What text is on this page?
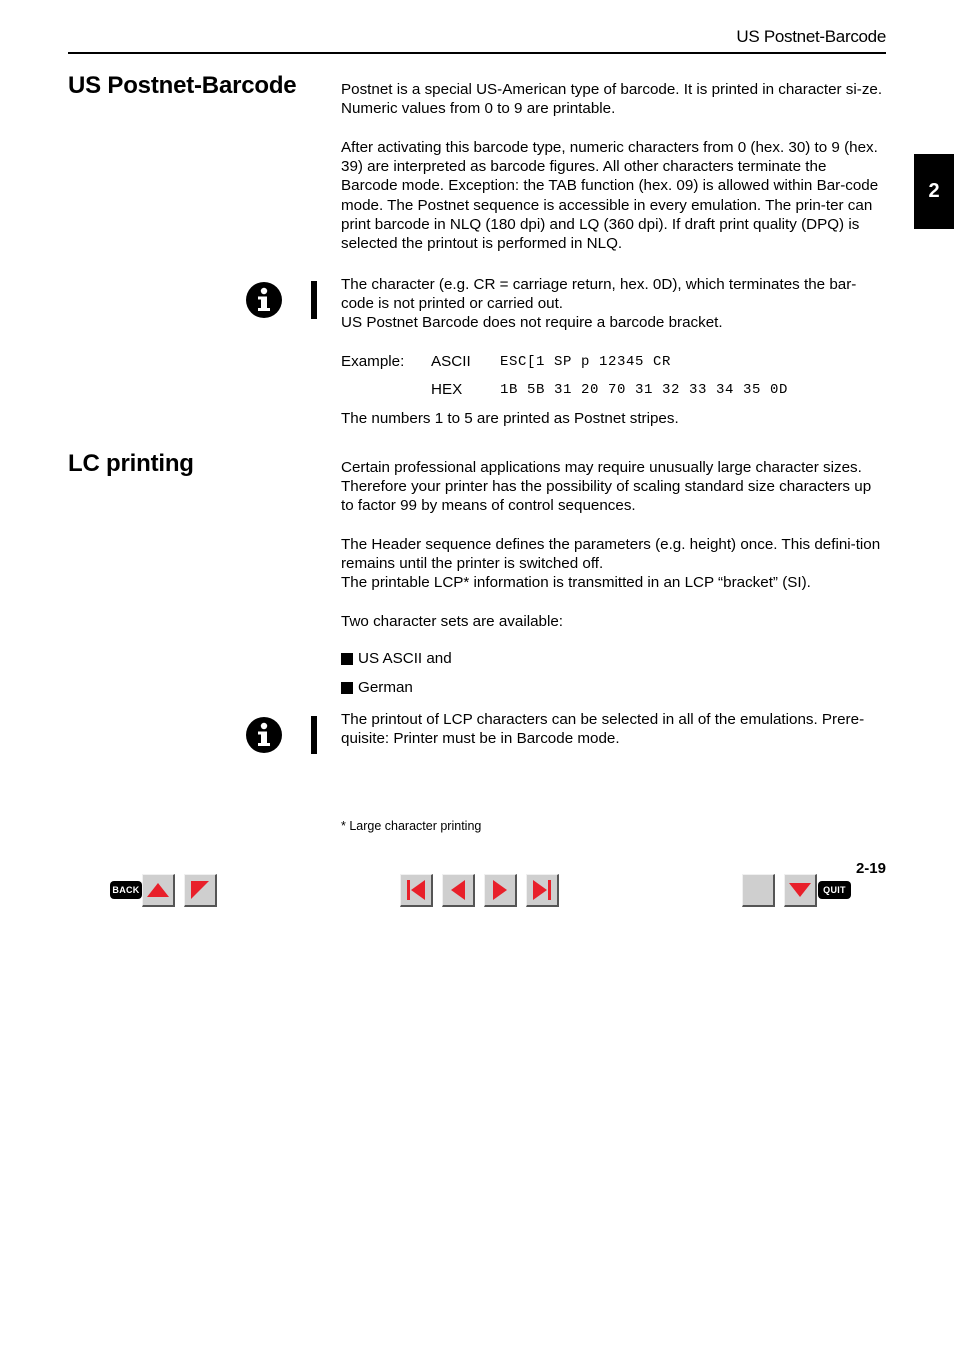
US Postnet-Barcode
2
US Postnet-Barcode	Postnet is a special US-American type of barcode. It is printed in character si-ze. Numeric values from 0 to 9 are printable.

After activating this barcode type, numeric characters from 0 (hex. 30) to 9 (hex. 39) are interpreted as barcode figures. All other characters terminate the Barcode mode. Exception: the TAB function (hex. 09) is allowed within Bar-code mode. The Postnet sequence is accessible in every emulation. The prin-ter can print barcode in NLQ (180 dpi) and LQ (360 dpi). If draft print quality (DPQ) is selected the printout is performed in NLQ.

The character (e.g. CR = carriage return, hex. 0D), which terminates the bar-code is not printed or carried out.

US Postnet Barcode does not require a barcode bracket.

Example: ASCII ESC[1 SP p 12345 CR
HEX	1B 5B 31 20 70 31 32 33 34 35 0D

The numbers 1 to 5 are printed as Postnet stripes.

LC printing	Certain professional applications may require unusually large character sizes. Therefore your printer has the possibility of scaling standard size characters up to factor 99 by means of control sequences.

The Header sequence defines the parameters (e.g. height) once. This defini-tion remains until the printer is switched off.

The printable LCP* information is transmitted in an LCP “bracket” (SI).

Two character sets are available:

US ASCII and
German

The printout of LCP characters can be selected in all of the emulations. Prere-quisite: Printer must be in Barcode mode.

* Large character printing
2-19
BACK	QUIT
